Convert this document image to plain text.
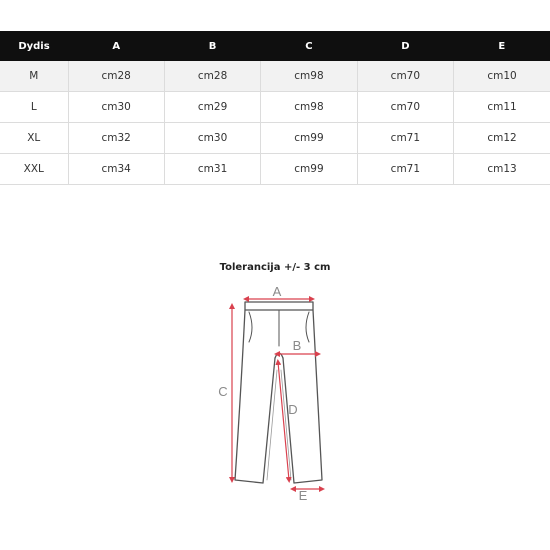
Dydis	A	B	C	D	E
M	cm28	cm28	cm98	cm70	cm10
L	cm30	cm29	cm98	cm70	cm11
XL	cm32	cm30	cm99	cm71	cm12
XXL	cm34	cm31	cm99	cm71	cm13
Tolerancija +/- 3 cm
A
B
C
D
E
